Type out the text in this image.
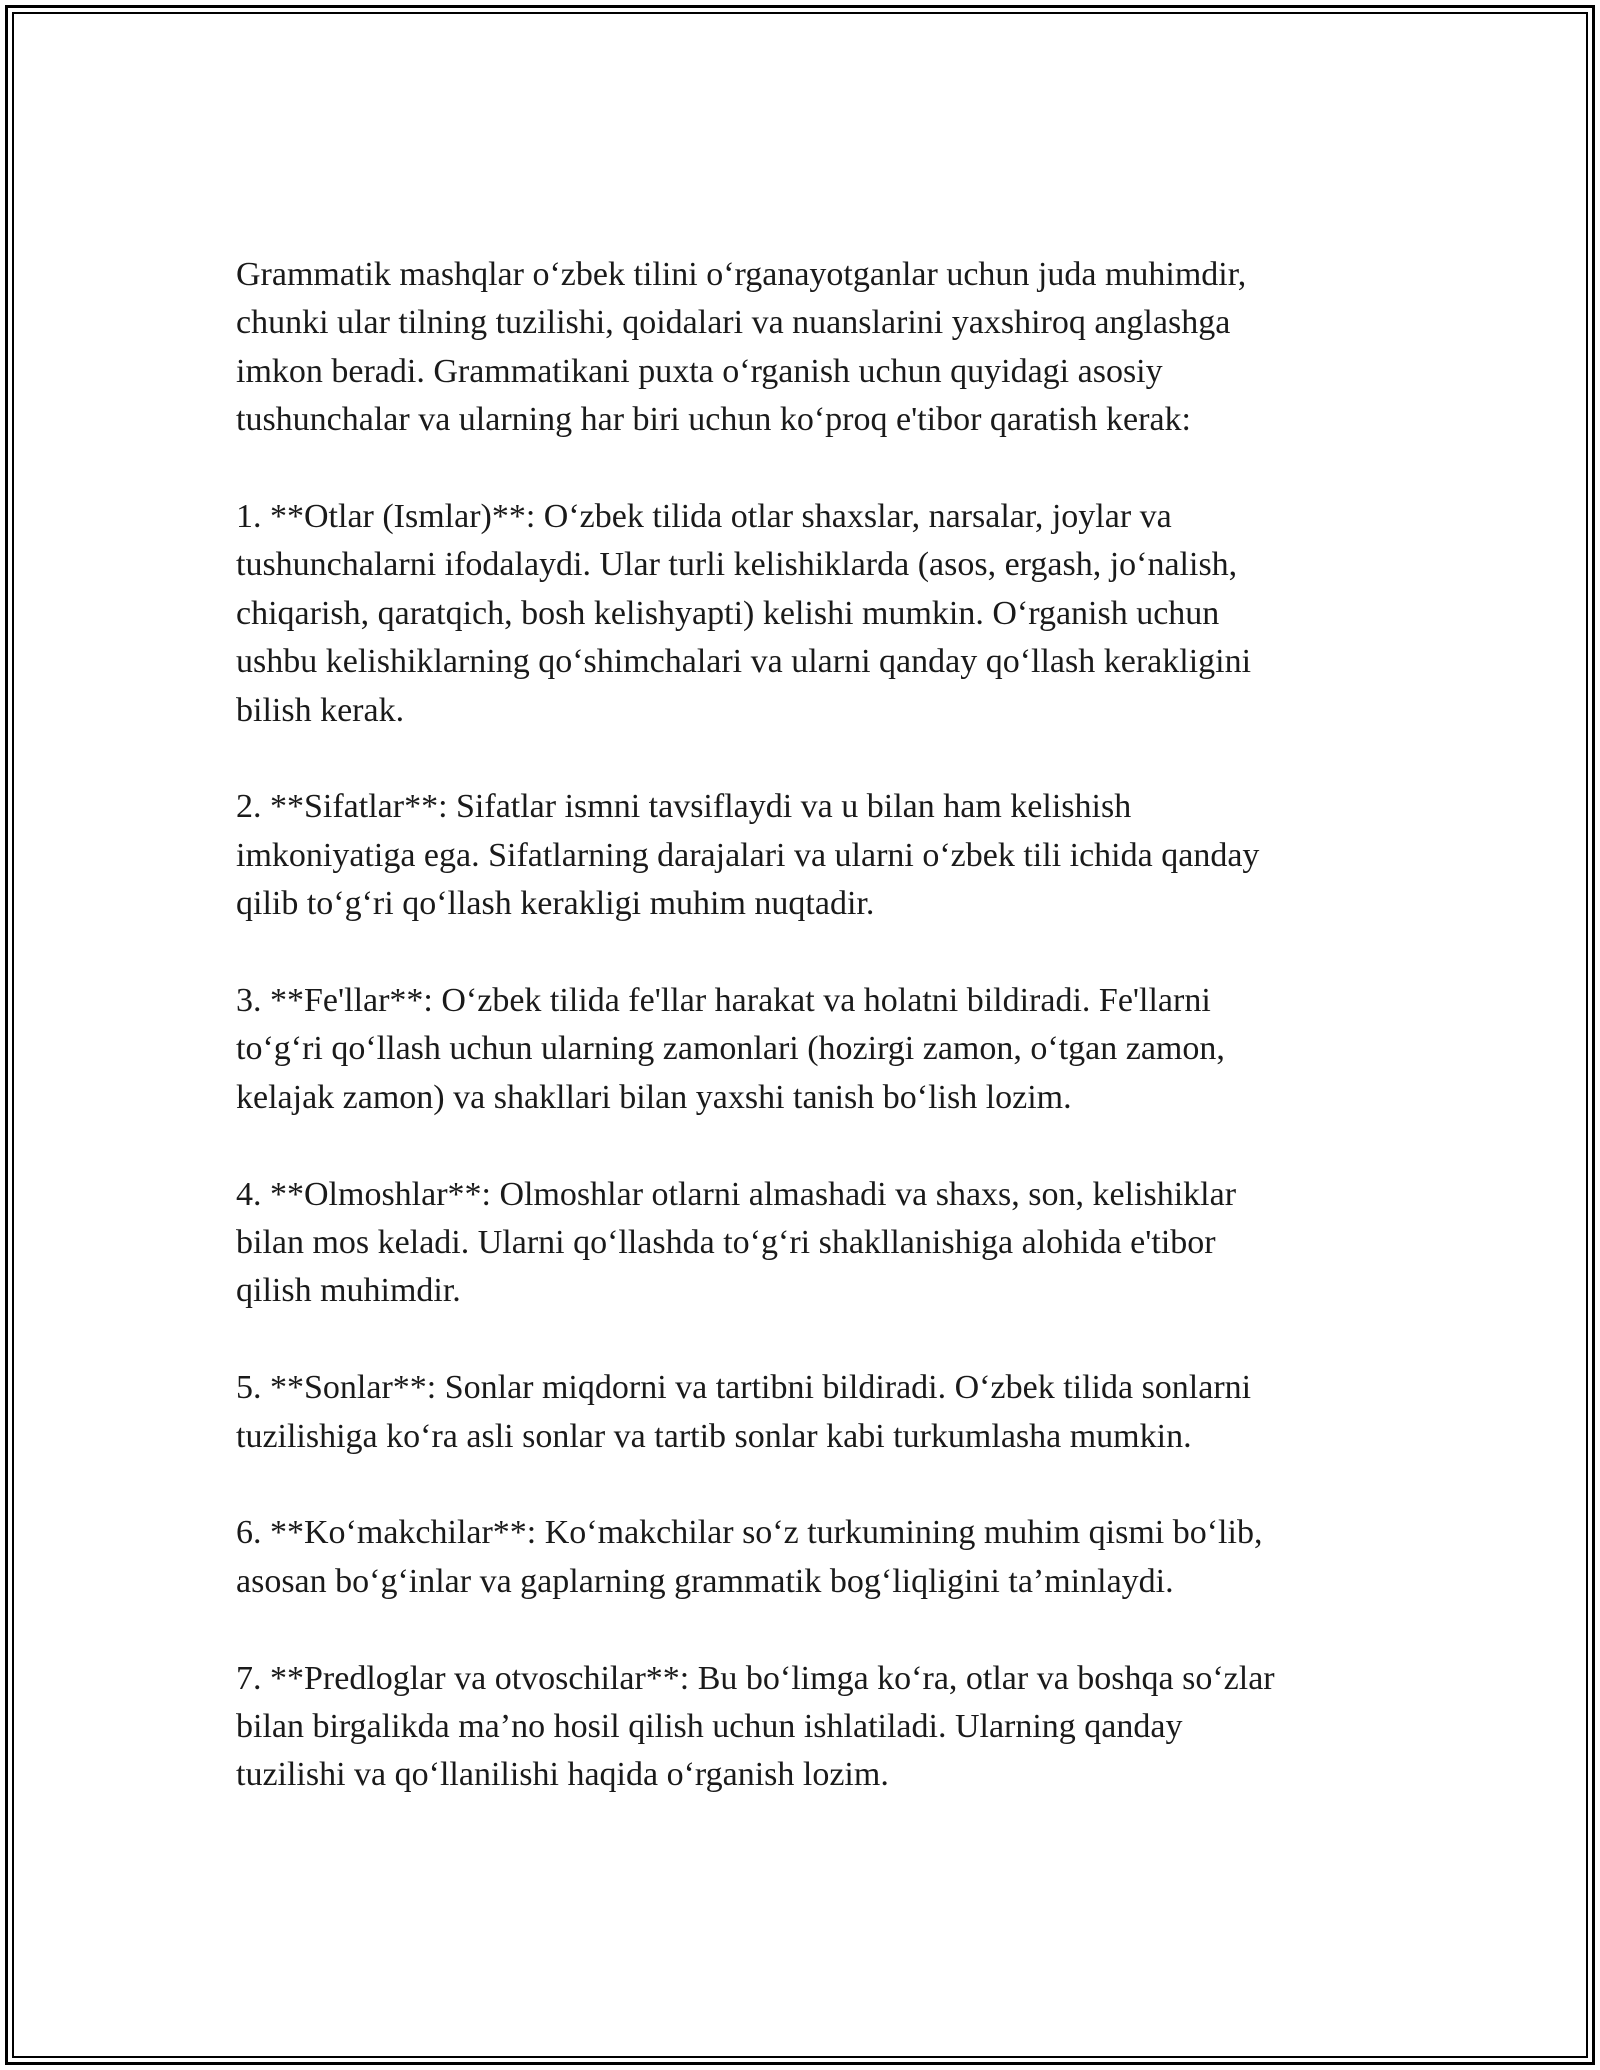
Grammatik mashqlar o‘zbek tilini o‘rganayotganlar uchun juda muhimdir,
chunki ular tilning tuzilishi, qoidalari va nuanslarini yaxshiroq anglashga
imkon beradi. Grammatikani puxta o‘rganish uchun quyidagi asosiy
tushunchalar va ularning har biri uchun ko‘proq e'tibor qaratish kerak:

1. **Otlar (Ismlar)**: O‘zbek tilida otlar shaxslar, narsalar, joylar va
tushunchalarni ifodalaydi. Ular turli kelishiklarda (asos, ergash, jo‘nalish,
chiqarish, qaratqich, bosh kelishyapti) kelishi mumkin. O‘rganish uchun
ushbu kelishiklarning qo‘shimchalari va ularni qanday qo‘llash kerakligini
bilish kerak.

2. **Sifatlar**: Sifatlar ismni tavsiflaydi va u bilan ham kelishish
imkoniyatiga ega. Sifatlarning darajalari va ularni o‘zbek tili ichida qanday
qilib to‘g‘ri qo‘llash kerakligi muhim nuqtadir.

3. **Fe'llar**: O‘zbek tilida fe'llar harakat va holatni bildiradi. Fe'llarni
to‘g‘ri qo‘llash uchun ularning zamonlari (hozirgi zamon, o‘tgan zamon,
kelajak zamon) va shakllari bilan yaxshi tanish bo‘lish lozim.

4. **Olmoshlar**: Olmoshlar otlarni almashadi va shaxs, son, kelishiklar
bilan mos keladi. Ularni qo‘llashda to‘g‘ri shakllanishiga alohida e'tibor
qilish muhimdir.

5. **Sonlar**: Sonlar miqdorni va tartibni bildiradi. O‘zbek tilida sonlarni
tuzilishiga ko‘ra asli sonlar va tartib sonlar kabi turkumlasha mumkin.

6. **Ko‘makchilar**: Ko‘makchilar so‘z turkumining muhim qismi bo‘lib,
asosan bo‘g‘inlar va gaplarning grammatik bog‘liqligini ta’minlaydi.

7. **Predloglar va otvoschilar**: Bu bo‘limga ko‘ra, otlar va boshqa so‘zlar
bilan birgalikda ma’no hosil qilish uchun ishlatiladi. Ularning qanday
tuzilishi va qo‘llanilishi haqida o‘rganish lozim.
